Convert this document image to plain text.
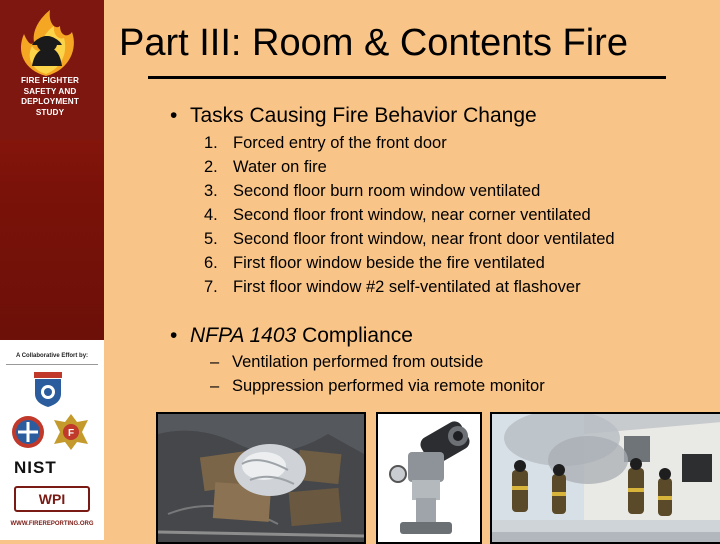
FIRE FIGHTER
SAFETY AND
DEPLOYMENT
STUDY
A Collaborative Effort by:
F
NIST
WPI
WWW.FIREREPORTING.ORG
Part III: Room & Contents Fire
• Tasks Causing Fire Behavior Change
1. Forced entry of the front door
2. Water on fire
3. Second floor burn room window ventilated
4. Second floor front window, near corner ventilated
5. Second floor front window, near front door ventilated
6. First floor window beside the fire ventilated
7. First floor window #2 self-ventilated at flashover
• NFPA 1403 Compliance
– Ventilation performed from outside
– Suppression performed via remote monitor
